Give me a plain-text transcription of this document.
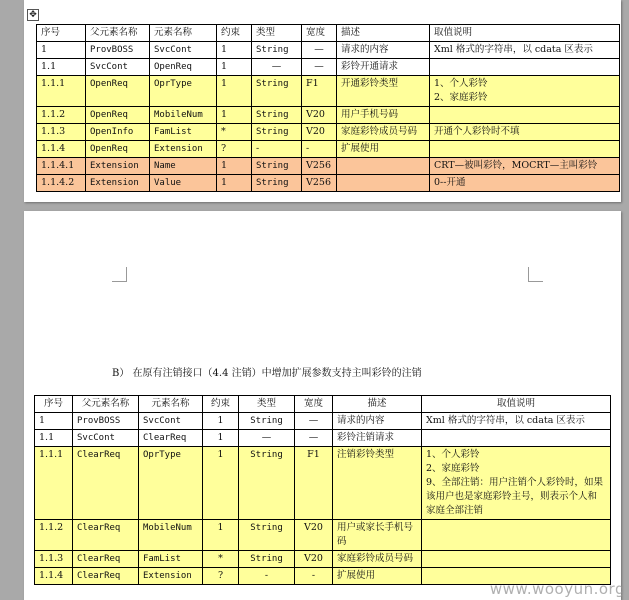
序号	父元素名称	元素名称	约束	类型	宽度	描述	取值说明
1	ProvBOSS	SvcCont	1	String	—	请求的内容	Xml 格式的字符串，以 cdata 区表示
1.1	SvcCont	OpenReq	1	—	—	彩铃开通请求	
1.1.1	OpenReq	OprType	1	String	F1	开通彩铃类型	1、个人彩铃
2、家庭彩铃
1.1.2	OpenReq	MobileNum	1	String	V20	用户手机号码	
1.1.3	OpenInfo	FamList	*	String	V20	家庭彩铃成员号码	开通个人彩铃时不填
1.1.4	OpenReq	Extension	?	-	-	扩展使用	
1.1.4.1	Extension	Name	1	String	V256		CRT—被叫彩铃，MOCRT—主叫彩铃
1.1.4.2	Extension	Value	1	String	V256		0--开通
✥
B） 在原有注销接口（4.4 注销）中增加扩展参数支持主叫彩铃的注销
序号	父元素名称	元素名称	约束	类型	宽度	描述	取值说明
1	ProvBOSS	SvcCont	1	String	—	请求的内容	Xml 格式的字符串，以 cdata 区表示
1.1	SvcCont	ClearReq	1	—	—	彩铃注销请求	
1.1.1	ClearReq	OprType	1	String	F1	注销彩铃类型	1、个人彩铃
2、家庭彩铃
9、全部注销：用户注销个人彩铃时，如果该用户也是家庭彩铃主号，则表示个人和家庭全部注销
1.1.2	ClearReq	MobileNum	1	String	V20	用户或家长手机号码	
1.1.3	ClearReq	FamList	*	String	V20	家庭彩铃成员号码	
1.1.4	ClearReq	Extension	?	-	-	扩展使用	
www.wooyun.org
